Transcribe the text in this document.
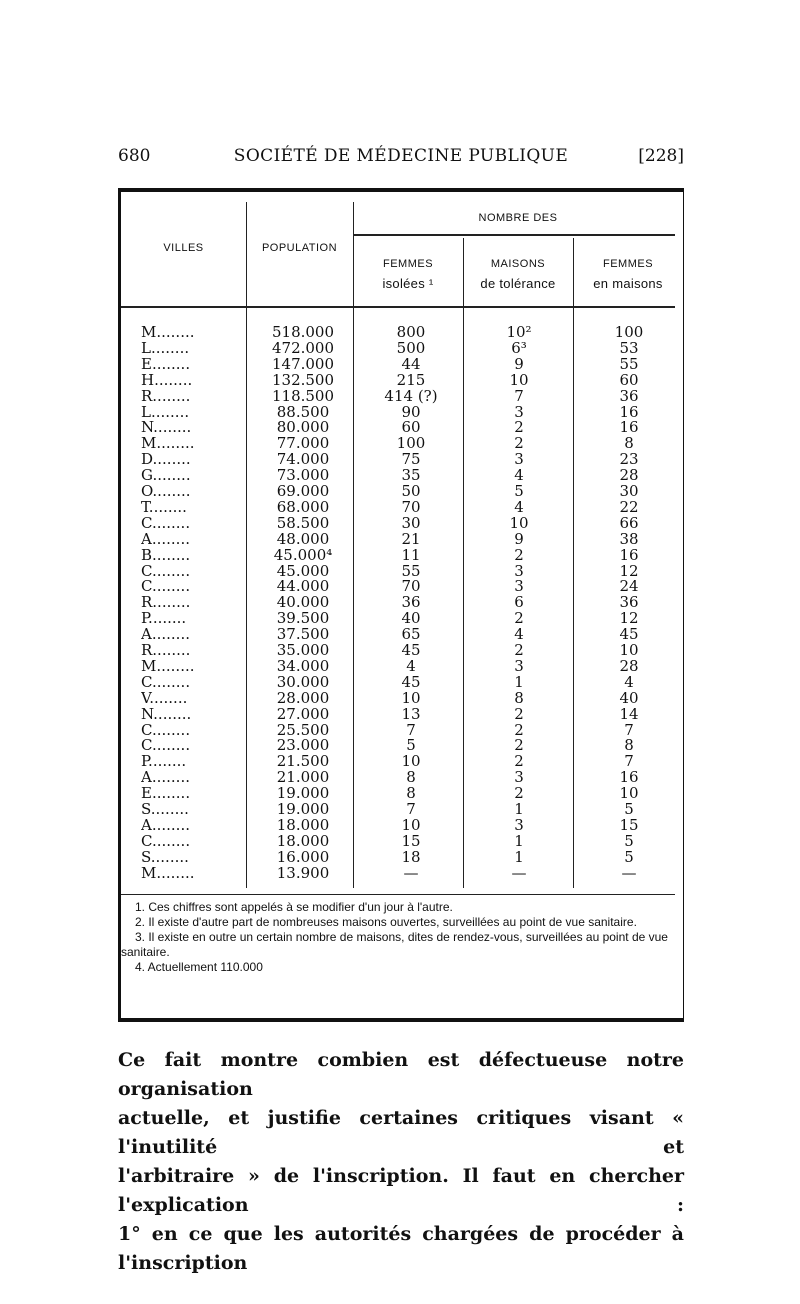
680	SOCIÉTÉ DE MÉDECINE PUBLIQUE	[228]
VILLES	POPULATION
NOMBRE DES
FEMMES
isolées ¹
MAISONS
de tolérance
FEMMES
en maisons
M........	518.000	800	10²	100
L........	472.000	500	6³	53
E........	147.000	44	9	55
H........	132.500	215	10	60
R........	118.500	414 (?)	7	36
L........	88.500	90	3	16
N........	80.000	60	2	16
M........	77.000	100	2	8
D........	74.000	75	3	23
G........	73.000	35	4	28
O........	69.000	50	5	30
T........	68.000	70	4	22
C........	58.500	30	10	66
A........	48.000	21	9	38
B........	45.000⁴	11	2	16
C........	45.000	55	3	12
C........	44.000	70	3	24
R........	40.000	36	6	36
P........	39.500	40	2	12
A........	37.500	65	4	45
R........	35.000	45	2	10
M........	34.000	4	3	28
C........	30.000	45	1	4
V........	28.000	10	8	40
N........	27.000	13	2	14
C........	25.500	7	2	7
C........	23.000	5	2	8
P........	21.500	10	2	7
A........	21.000	8	3	16
E........	19.000	8	2	10
S........	19.000	7	1	5
A........	18.000	10	3	15
C........	18.000	15	1	5
S........	16.000	18	1	5
M........	13.900	—	—	—

1. Ces chiffres sont appelés à se modifier d'un jour à l'autre.

2. Il existe d'autre part de nombreuses maisons ouvertes, surveillées au point de vue sanitaire.

3. Il existe en outre un certain nombre de maisons, dites de rendez-vous, surveillées au point de vue sanitaire.

4. Actuellement 110.000

Ce fait montre combien est défectueuse notre organisation
actuelle, et justifie certaines critiques visant « l'inutilité et
l'arbitraire » de l'inscription. Il faut en chercher l'explication :
1° en ce que les autorités chargées de procéder à l'inscription
